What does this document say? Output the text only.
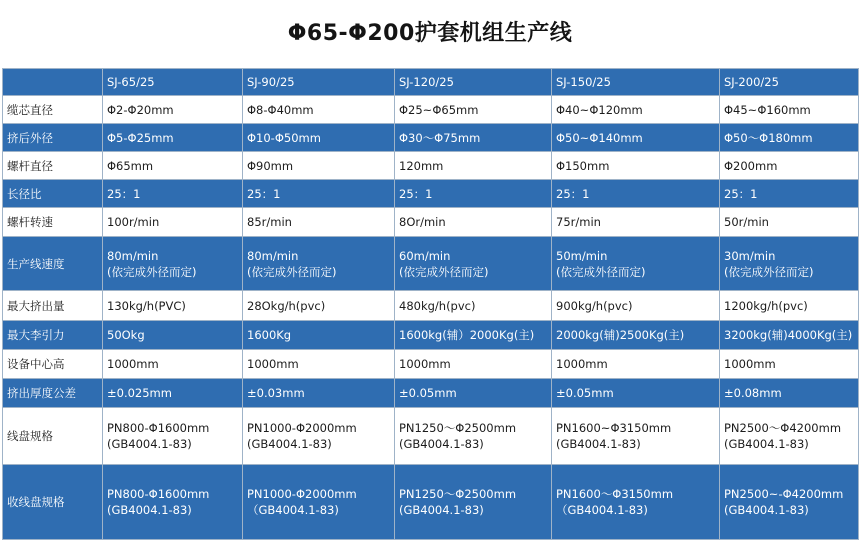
Φ65-Φ200护套机组生产线
	SJ-65/25	SJ-90/25	SJ-120/25	SJ-150/25	SJ-200/25
缆芯直径	Φ2-Φ20mm	Φ8-Φ40mm	Φ25~Φ65mm	Φ40~Φ120mm	Φ45~Φ160mm

挤后外径	Φ5-Φ25mm	Φ10-Φ50mm	Φ30～Φ75mm	Φ50~Φ140mm	Φ50～Φ180mm

螺杆直径	Φ65mm	Φ90mm	120mm	Φ150mm	Φ200mm

长径比	25：1	25：1	25：1	25：1	25：1

螺杆转速	100r/min	85r/min	8Or/min	75r/min	50r/min

生产线速度	80m/min
(依完成外径而定)	80m/min
(依完成外径而定)	60m/min
(依完成外径而定)	50m/min
(依完成外径而定)	30m/min
(依完成外径而定)

最大挤出量	130kg/h(PVC)	28Okg/h(pvc)	480kg/h(pvc)	900kg/h(pvc)	1200kg/h(pvc)

最大李引力	50Okg	1600Kg	1600kg(辅）2000Kg(主)	2000kg(辅)2500Kg(主)	3200kg(辅)4000Kg(主)

设备中心高	1000mm	1000mm	1000mm	1000mm	1000mm

挤出厚度公差	±0.025mm	±0.03mm	±0.05mm	±0.05mm	±0.08mm

线盘规格	PN800-Φ1600mm
(GB4004.1-83)	PN1000-Φ2000mm
(GB4004.1-83)	PN1250～Φ2500mm
(GB4004.1-83)	PN1600~Φ3150mm
(GB4004.1-83)	PN2500～Φ4200mm
(GB4004.1-83)

收线盘规格	PN800-Φ1600mm
(GB4004.1-83)	PN1000-Φ2000mm
（GB4004.1-83)	PN1250～Φ2500mm
(GB4004.1-83)	PN1600～Φ3150mm
（GB4004.1-83)	PN2500~-Φ4200mm
(GB4004.1-83)
